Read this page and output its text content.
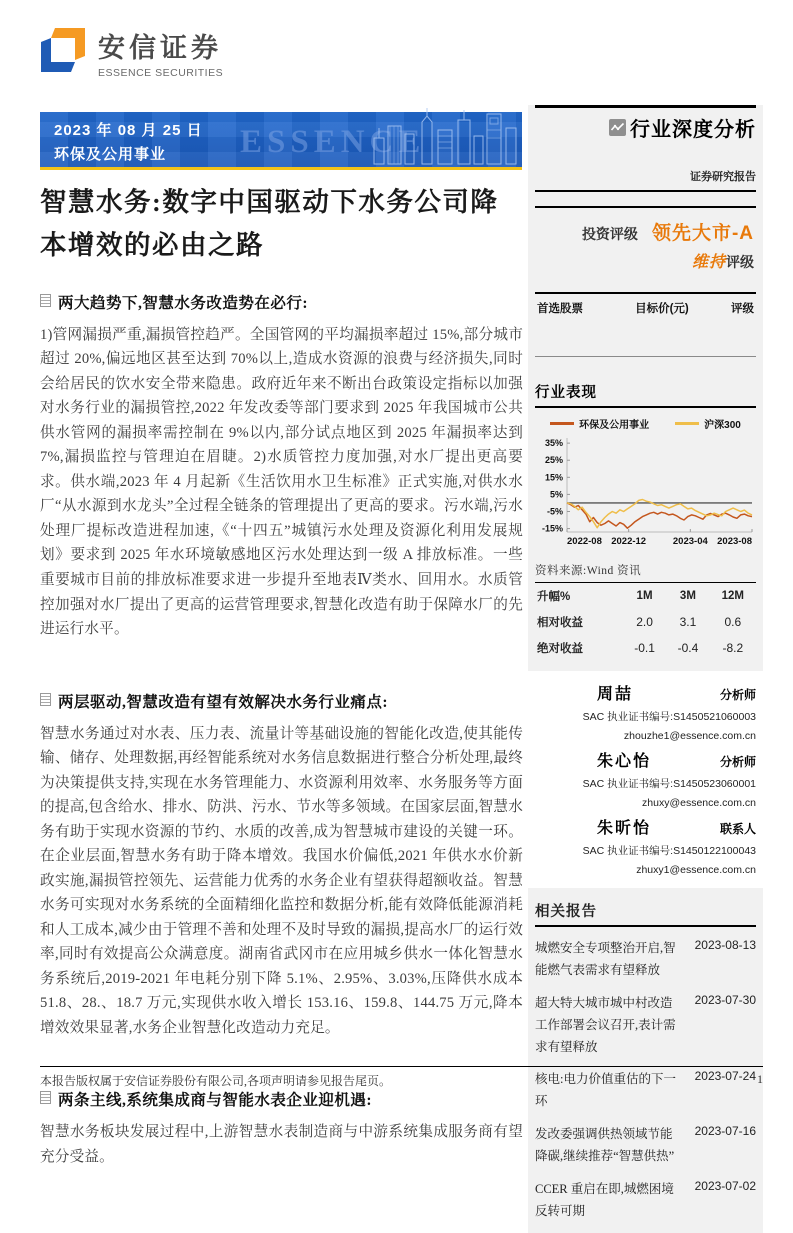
安信证券
ESSENCE SECURITIES
ESSENCE
2023 年 08 月 25 日
环保及公用事业
智慧水务:数字中国驱动下水务公司降本增效的必由之路
两大趋势下,智慧水务改造势在必行:

1)管网漏损严重,漏损管控趋严。全国管网的平均漏损率超过 15%,部分城市超过 20%,偏远地区甚至达到 70%以上,造成水资源的浪费与经济损失,同时会给居民的饮水安全带来隐患。政府近年来不断出台政策设定指标以加强对水务行业的漏损管控,2022 年发改委等部门要求到 2025 年我国城市公共供水管网的漏损率需控制在 9%以内,部分试点地区到 2025 年漏损率达到 7%,漏损监控与管理迫在眉睫。2)水质管控力度加强,对水厂提出更高要求。供水端,2023 年 4 月起新《生活饮用水卫生标准》正式实施,对供水水厂“从水源到水龙头”全过程全链条的管理提出了更高的要求。污水端,污水处理厂提标改造进程加速,《“十四五”城镇污水处理及资源化利用发展规划》要求到 2025 年水环境敏感地区污水处理达到一级 A 排放标准。一些重要城市目前的排放标准要求进一步提升至地表Ⅳ类水、回用水。水质管控加强对水厂提出了更高的运营管理要求,智慧化改造有助于保障水厂的先进运行水平。

两层驱动,智慧改造有望有效解决水务行业痛点:

智慧水务通过对水表、压力表、流量计等基础设施的智能化改造,使其能传输、储存、处理数据,再经智能系统对水务信息数据进行整合分析处理,最终为决策提供支持,实现在水务管理能力、水资源利用效率、水务服务等方面的提高,包含给水、排水、防洪、污水、节水等多领域。在国家层面,智慧水务有助于实现水资源的节约、水质的改善,成为智慧城市建设的关键一环。在企业层面,智慧水务有助于降本增效。我国水价偏低,2021 年供水水价新政实施,漏损管控领先、运营能力优秀的水务企业有望获得超额收益。智慧水务可实现对水务系统的全面精细化监控和数据分析,能有效降低能源消耗和人工成本,减少由于管理不善和处理不及时导致的漏损,提高水厂的运行效率,同时有效提高公众满意度。湖南省武冈市在应用城乡供水一体化智慧水务系统后,2019-2021 年电耗分别下降 5.1%、2.95%、3.03%,压降供水成本 51.8、28.、18.7 万元,实现供水收入增长 153.16、159.8、144.75 万元,降本增效效果显著,水务企业智慧化改造动力充足。

两条主线,系统集成商与智能水表企业迎机遇:

智慧水务板块发展过程中,上游智慧水表制造商与中游系统集成服务商有望充分受益。

行业深度分析
证券研究报告
投资评级 领先大市-A
维持评级
首选股票	目标价(元)	评级
行业表现
环保及公用事业	沪深300
35%
25%
15%
5%
-5%
-15%
2022-08 2022-12	2023-04 2023-08
资料来源:Wind 资讯
升幅%	1M	3M	12M
相对收益	2.0	3.1	0.6
绝对收益	-0.1	-0.4	-8.2
周喆	分析师
SAC 执业证书编号:S1450521060003
zhouzhe1@essence.com.cn
朱心怡	分析师
SAC 执业证书编号:S1450523060001
zhuxy@essence.com.cn
朱昕怡	联系人
SAC 执业证书编号:S1450122100043
zhuxy1@essence.com.cn
相关报告
城燃安全专项整治开启,智能燃气表需求有望释放
2023-08-13
超大特大城市城中村改造工作部署会议召开,表计需求有望释放
2023-07-30
核电:电力价值重估的下一环
2023-07-24
发改委强调供热领域节能降碳,继续推荐“智慧供热”
2023-07-16
CCER 重启在即,城燃困境反转可期
2023-07-02
本报告版权属于安信证券股份有限公司,各项声明请参见报告尾页。	1
